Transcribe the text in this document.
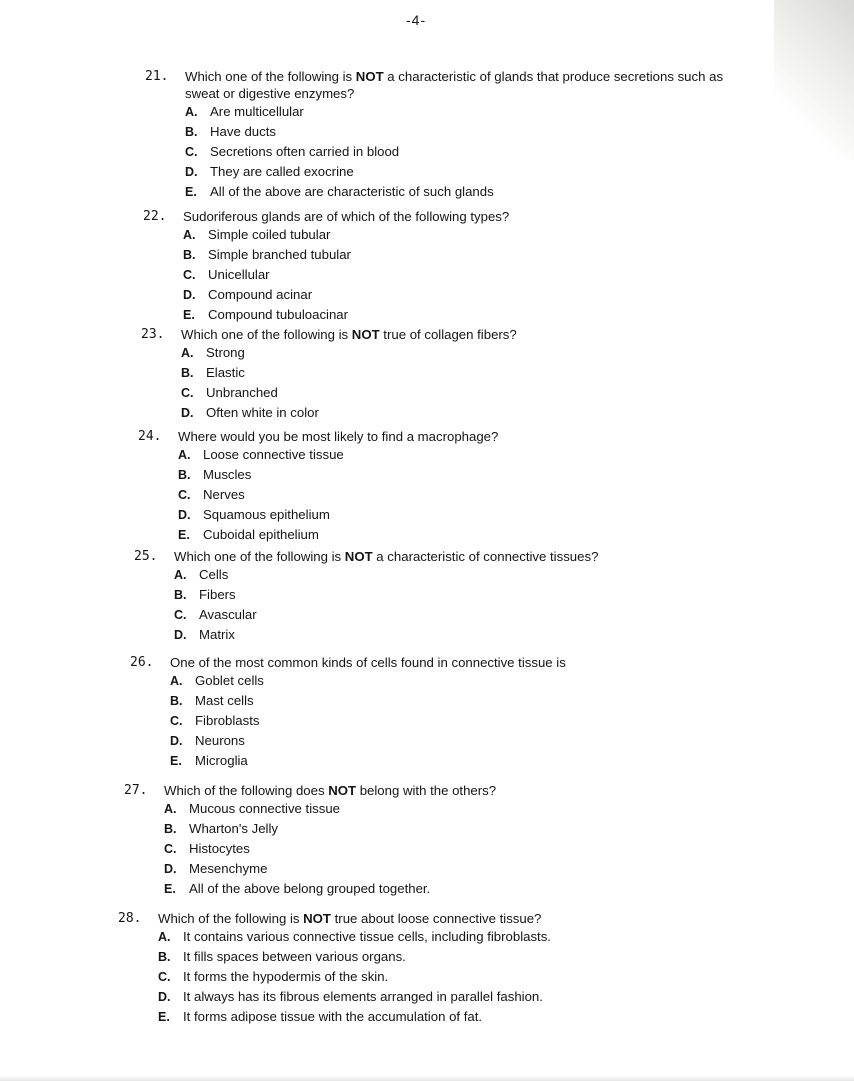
-4-
21. Which one of the following is NOT a characteristic of glands that produce secretions such as sweat or digestive enzymes?
A. Are multicellular
B. Have ducts
C. Secretions often carried in blood
D. They are called exocrine
E. All of the above are characteristic of such glands
22. Sudoriferous glands are of which of the following types?
A. Simple coiled tubular
B. Simple branched tubular
C. Unicellular
D. Compound acinar
E. Compound tubuloacinar
23. Which one of the following is NOT true of collagen fibers?
A. Strong
B. Elastic
C. Unbranched
D. Often white in color
24. Where would you be most likely to find a macrophage?
A. Loose connective tissue
B. Muscles
C. Nerves
D. Squamous epithelium
E. Cuboidal epithelium
25. Which one of the following is NOT a characteristic of connective tissues?
A. Cells
B. Fibers
C. Avascular
D. Matrix
26. One of the most common kinds of cells found in connective tissue is
A. Goblet cells
B. Mast cells
C. Fibroblasts
D. Neurons
E. Microglia
27. Which of the following does NOT belong with the others?
A. Mucous connective tissue
B. Wharton's Jelly
C. Histocytes
D. Mesenchyme
E. All of the above belong grouped together.
28. Which of the following is NOT true about loose connective tissue?
A. It contains various connective tissue cells, including fibroblasts.
B. It fills spaces between various organs.
C. It forms the hypodermis of the skin.
D. It always has its fibrous elements arranged in parallel fashion.
E. It forms adipose tissue with the accumulation of fat.
